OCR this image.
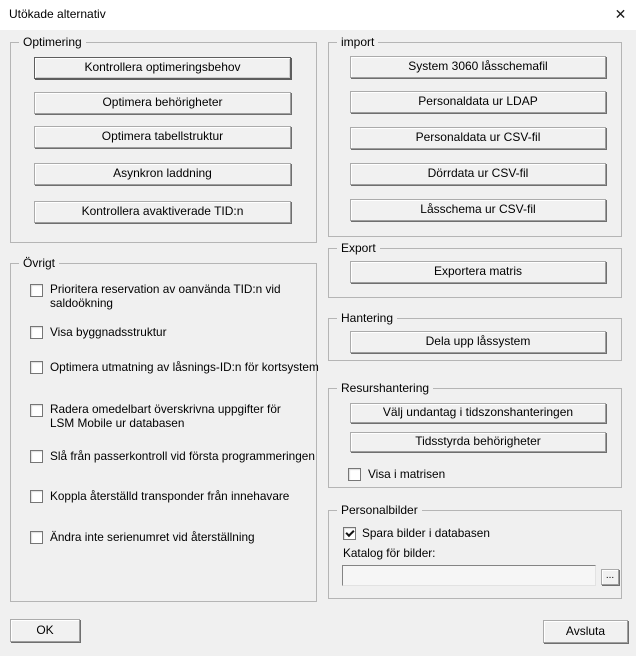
Utökade alternativ	✕
Optimering
Kontrollera optimeringsbehov
Optimera behörigheter
Optimera tabellstruktur
Asynkron laddning
Kontrollera avaktiverade TID:n
Övrigt
Prioritera reservation av oanvända TID:n vid saldoökning
Visa byggnadsstruktur
Optimera utmatning av låsnings-ID:n för kortsystem
Radera omedelbart överskrivna uppgifter för LSM Mobile ur databasen
Slå från passerkontroll vid första programmeringen
Koppla återställd transponder från innehavare
Ändra inte serienumret vid återställning
import
System 3060 låsschemafil
Personaldata ur LDAP
Personaldata ur CSV-fil
Dörrdata ur CSV-fil
Låsschema ur CSV-fil
Export
Exportera matris
Hantering
Dela upp låssystem
Resurshantering
Välj undantag i tidszonshanteringen
Tidsstyrda behörigheter
Visa i matrisen
Personalbilder
Spara bilder i databasen
Katalog för bilder:
...
OK	Avsluta
